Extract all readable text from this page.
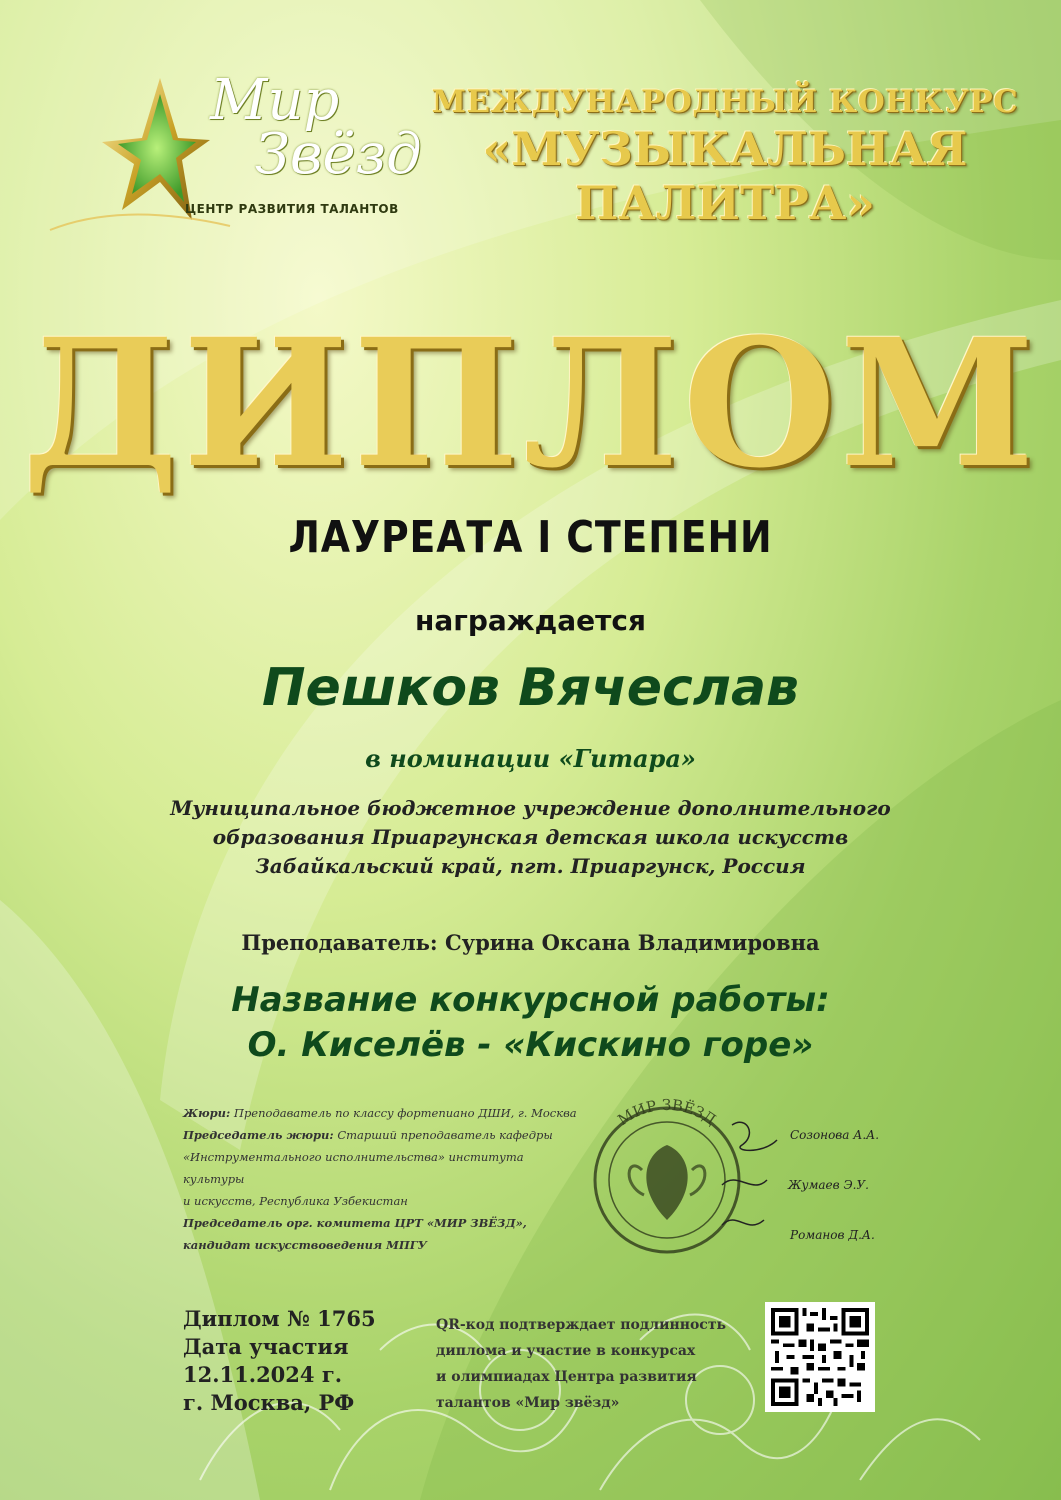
Мир
Звёзд
ЦЕНТР РАЗВИТИЯ ТАЛАНТОВ
МЕЖДУНАРОДНЫЙ КОНКУРС
«МУЗЫКАЛЬНАЯ
ПАЛИТРА»
ДИПЛОМ
ЛАУРЕАТА I СТЕПЕНИ
награждается
Пешков Вячеслав
в номинации «Гитара»
Муниципальное бюджетное учреждение дополнительного
образования Приаргунская детская школа искусств
Забайкальский край, пгт. Приаргунск, Россия
Преподаватель: Сурина Оксана Владимировна
Название конкурсной работы:
О. Киселёв - «Кискино горе»
Жюри: Преподаватель по классу фортепиано ДШИ, г. Москва
Председатель жюри: Старший преподаватель кафедры
«Инструментального исполнительства» института культуры
и искусств, Республика Узбекистан
Председатель орг. комитета ЦРТ «МИР ЗВЁЗД»,
кандидат искусствоведения МПГУ
МИР ЗВЁЗД
Созонова А.А.
Жумаев Э.У.
Романов Д.А.
Диплом № 1765
Дата участия
12.11.2024 г.
г. Москва, РФ
QR-код подтверждает подлинность
диплома и участие в конкурсах
и олимпиадах Центра развития
талантов «Мир звёзд»
